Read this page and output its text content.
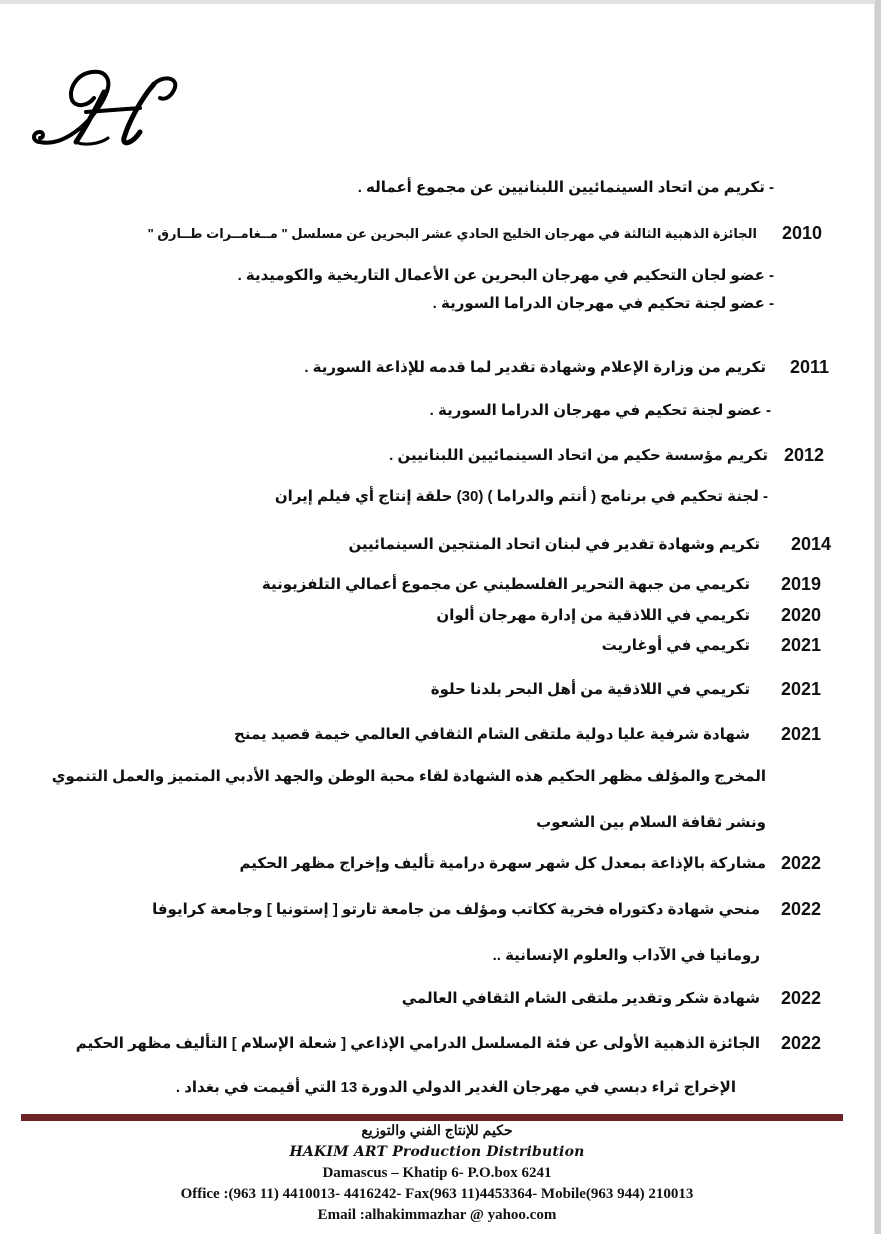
- تكريم من اتحاد السينمائيين اللبنانيين عن مجموع أعماله .
2010
الجائزة الذهبية الثالثة في مهرجان الخليج الحادي عشر البحرين عن مسلسل " مــغامــرات طــارق "
- عضو لجان التحكيم في مهرجان البحرين عن الأعمال التاريخية والكوميدية .
- عضو لجنة تحكيم في مهرجان الدراما السورية .
2011
تكريم من وزارة الإعلام وشهادة تقدير لما قدمه للإذاعة السورية .
- عضو لجنة تحكيم في مهرجان الدراما السورية .
2012
تكريم مؤسسة حكيم من اتحاد السينمائيين اللبنانيين .
- لجنة تحكيم في برنامج ( أنتم والدراما ) (30) حلقة إنتاج أي فيلم إيران
2014
تكريم وشهادة تقدير في لبنان اتحاد المنتجين السينمائيين
2019
تكريمي من جبهة التحرير الفلسطيني عن مجموع أعمالي التلفزيونية
2020
تكريمي في اللاذقية من إدارة مهرجان ألوان
2021
تكريمي في أوغاريت
2021
تكريمي في اللاذقية من أهل البحر بلدنا حلوة
2021
شهادة شرفية عليا دولية ملتقى الشام الثقافي العالمي خيمة قصيد يمنح
المخرج والمؤلف مظهر الحكيم هذه الشهادة لقاء محبة الوطن والجهد الأدبي المتميز والعمل التنموي
ونشر ثقافة السلام بين الشعوب
2022
مشاركة بالإذاعة بمعدل كل شهر سهرة درامية تأليف وإخراج مظهر الحكيم
2022
منحي شهادة دكتوراه فخرية ككاتب ومؤلف من جامعة تارتو [ إستونيا ] وجامعة كرايوفا
رومانيا في الآداب والعلوم الإنسانية ..
2022
شهادة شكر وتقدير ملتقى الشام الثقافي العالمي
2022
الجائزة الذهبية الأولى عن فئة المسلسل الدرامي الإذاعي [ شعلة الإسلام ] التأليف مظهر الحكيم
الإخراج ثراء دبسي في مهرجان الغدير الدولي الدورة 13 التي أقيمت في بغداد .
حكيم للإنتاج الفني والتوزيع
HAKIM ART Production Distribution
Damascus – Khatip 6- P.O.box 6241
Office :(963 11) 4410013- 4416242- Fax(963 11)4453364- Mobile(963 944) 210013
Email :alhakimmazhar @ yahoo.com
